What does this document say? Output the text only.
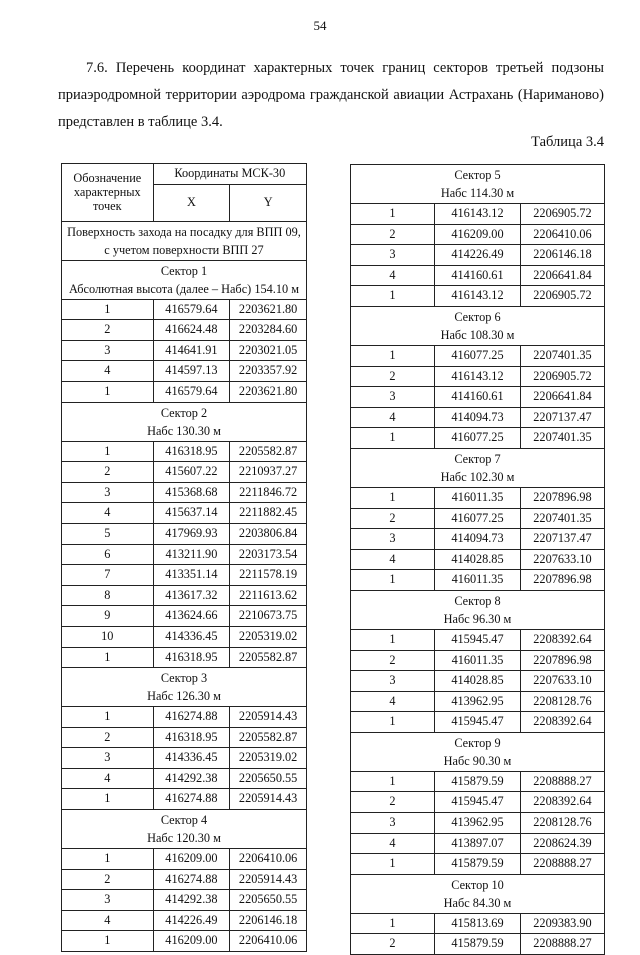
54

7.6. Перечень координат характерных точек границ секторов третьей подзоны приаэродромной территории аэродрома гражданской авиации Астрахань (Нариманово) представлен в таблице 3.4.

Таблица 3.4
Обозначение характерных точек	Координаты МСК-30	
	X	Y
Поверхность захода на посадку для ВПП 09, с учетом поверхности ВПП 27		

Сектор 1
Абсолютная высота (далее – Набс) 154.10 м		

1	416579.64	2203621.80
2	416624.48	2203284.60
3	414641.91	2203021.05
4	414597.13	2203357.92
1	416579.64	2203621.80

Сектор 2
Набс 130.30 м		

1	416318.95	2205582.87
2	415607.22	2210937.27
3	415368.68	2211846.72
4	415637.14	2211882.45
5	417969.93	2203806.84
6	413211.90	2203173.54
7	413351.14	2211578.19
8	413617.32	2211613.62
9	413624.66	2210673.75
10	414336.45	2205319.02
1	416318.95	2205582.87

Сектор 3
Набс 126.30 м		

1	416274.88	2205914.43
2	416318.95	2205582.87
3	414336.45	2205319.02
4	414292.38	2205650.55
1	416274.88	2205914.43

Сектор 4
Набс 120.30 м		

1	416209.00	2206410.06
2	416274.88	2205914.43
3	414292.38	2205650.55
4	414226.49	2206146.18
1	416209.00	2206410.06
Сектор 5
Набс 114.30 м		

1	416143.12	2206905.72
2	416209.00	2206410.06
3	414226.49	2206146.18
4	414160.61	2206641.84
1	416143.12	2206905.72

Сектор 6
Набс 108.30 м		

1	416077.25	2207401.35
2	416143.12	2206905.72
3	414160.61	2206641.84
4	414094.73	2207137.47
1	416077.25	2207401.35

Сектор 7
Набс 102.30 м		

1	416011.35	2207896.98
2	416077.25	2207401.35
3	414094.73	2207137.47
4	414028.85	2207633.10
1	416011.35	2207896.98

Сектор 8
Набс 96.30 м		

1	415945.47	2208392.64
2	416011.35	2207896.98
3	414028.85	2207633.10
4	413962.95	2208128.76
1	415945.47	2208392.64

Сектор 9
Набс 90.30 м		

1	415879.59	2208888.27
2	415945.47	2208392.64
3	413962.95	2208128.76
4	413897.07	2208624.39
1	415879.59	2208888.27

Сектор 10
Набс 84.30 м		

1	415813.69	2209383.90
2	415879.59	2208888.27
